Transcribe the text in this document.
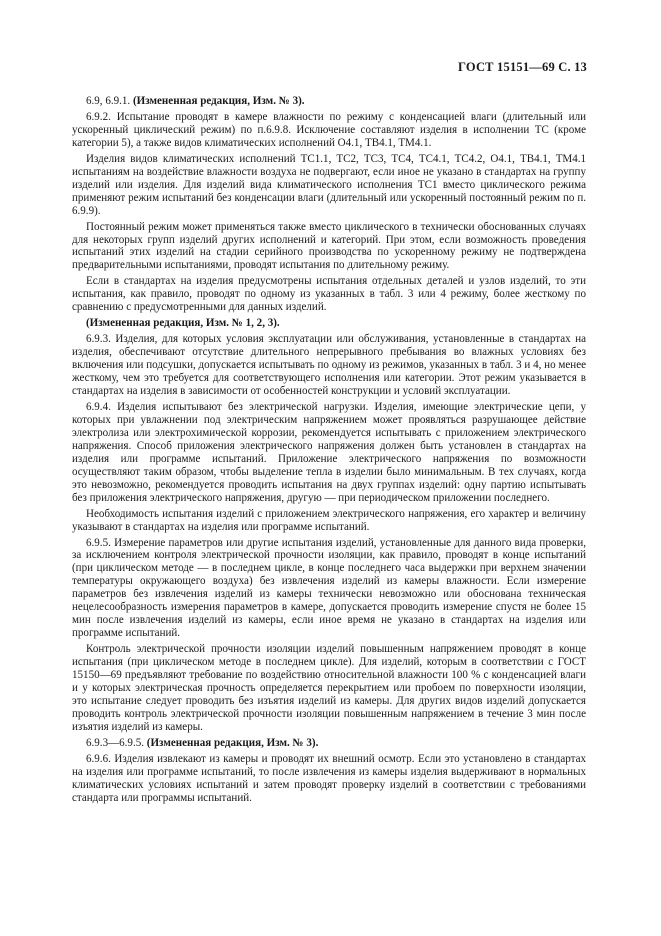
ГОСТ 15151—69 С. 13

6.9, 6.9.1. (Измененная редакция, Изм. № 3).

6.9.2. Испытание проводят в камере влажности по режиму с конденсацией влаги (длительный или ускоренный циклический режим) по п.6.9.8. Исключение составляют изделия в исполнении ТС (кроме категории 5), а также видов климатических исполнений О4.1, ТВ4.1, ТМ4.1.

Изделия видов климатических исполнений ТС1.1, ТС2, ТС3, ТС4, ТС4.1, ТС4.2, О4.1, ТВ4.1, ТМ4.1 испытаниям на воздействие влажности воздуха не подвергают, если иное не указано в стандартах на группу изделий или изделия. Для изделий вида климатического исполнения ТС1 вместо циклического режима применяют режим испытаний без конденсации влаги (длительный или ускоренный постоянный режим по п. 6.9.9).

Постоянный режим может применяться также вместо циклического в технически обоснованных случаях для некоторых групп изделий других исполнений и категорий. При этом, если возможность проведения испытаний этих изделий на стадии серийного производства по ускоренному режиму не подтверждена предварительными испытаниями, проводят испытания по длительному режиму.

Если в стандартах на изделия предусмотрены испытания отдельных деталей и узлов изделий, то эти испытания, как правило, проводят по одному из указанных в табл. 3 или 4 режиму, более жесткому по сравнению с предусмотренными для данных изделий.

(Измененная редакция, Изм. № 1, 2, 3).

6.9.3. Изделия, для которых условия эксплуатации или обслуживания, установленные в стандартах на изделия, обеспечивают отсутствие длительного непрерывного пребывания во влажных условиях без включения или подсушки, допускается испытывать по одному из режимов, указанных в табл. 3 и 4, но менее жесткому, чем это требуется для соответствующего исполнения или категории. Этот режим указывается в стандартах на изделия в зависимости от особенностей конструкции и условий эксплуатации.

6.9.4. Изделия испытывают без электрической нагрузки. Изделия, имеющие электрические цепи, у которых при увлажнении под электрическим напряжением может проявляться разрушающее действие электролиза или электрохимической коррозии, рекомендуется испытывать с приложением электрического напряжения. Способ приложения электрического напряжения должен быть установлен в стандартах на изделия или программе испытаний. Приложение электрического напряжения по возможности осуществляют таким образом, чтобы выделение тепла в изделии было минимальным. В тех случаях, когда это невозможно, рекомендуется проводить испытания на двух группах изделий: одну партию испытывать без приложения электрического напряжения, другую — при периодическом приложении последнего.

Необходимость испытания изделий с приложением электрического напряжения, его характер и величину указывают в стандартах на изделия или программе испытаний.

6.9.5. Измерение параметров или другие испытания изделий, установленные для данного вида проверки, за исключением контроля электрической прочности изоляции, как правило, проводят в конце испытаний (при циклическом методе — в последнем цикле, в конце последнего часа выдержки при верхнем значении температуры окружающего воздуха) без извлечения изделий из камеры влажности. Если измерение параметров без извлечения изделий из камеры технически невозможно или обоснована техническая нецелесообразность измерения параметров в камере, допускается проводить измерение спустя не более 15 мин после извлечения изделий из камеры, если иное время не указано в стандартах на изделия или программе испытаний.

Контроль электрической прочности изоляции изделий повышенным напряжением проводят в конце испытания (при циклическом методе в последнем цикле). Для изделий, которым в соответствии с ГОСТ 15150—69 предъявляют требование по воздействию относительной влажности 100 % с конденсацией влаги и у которых электрическая прочность определяется перекрытием или пробоем по поверхности изоляции, это испытание следует проводить без изъятия изделий из камеры. Для других видов изделий допускается проводить контроль электрической прочности изоляции повышенным напряжением в течение 3 мин после изъятия изделий из камеры.

6.9.3—6.9.5. (Измененная редакция, Изм. № 3).

6.9.6. Изделия извлекают из камеры и проводят их внешний осмотр. Если это установлено в стандартах на изделия или программе испытаний, то после извлечения из камеры изделия выдерживают в нормальных климатических условиях испытаний и затем проводят проверку изделий в соответствии с требованиями стандарта или программы испытаний.
